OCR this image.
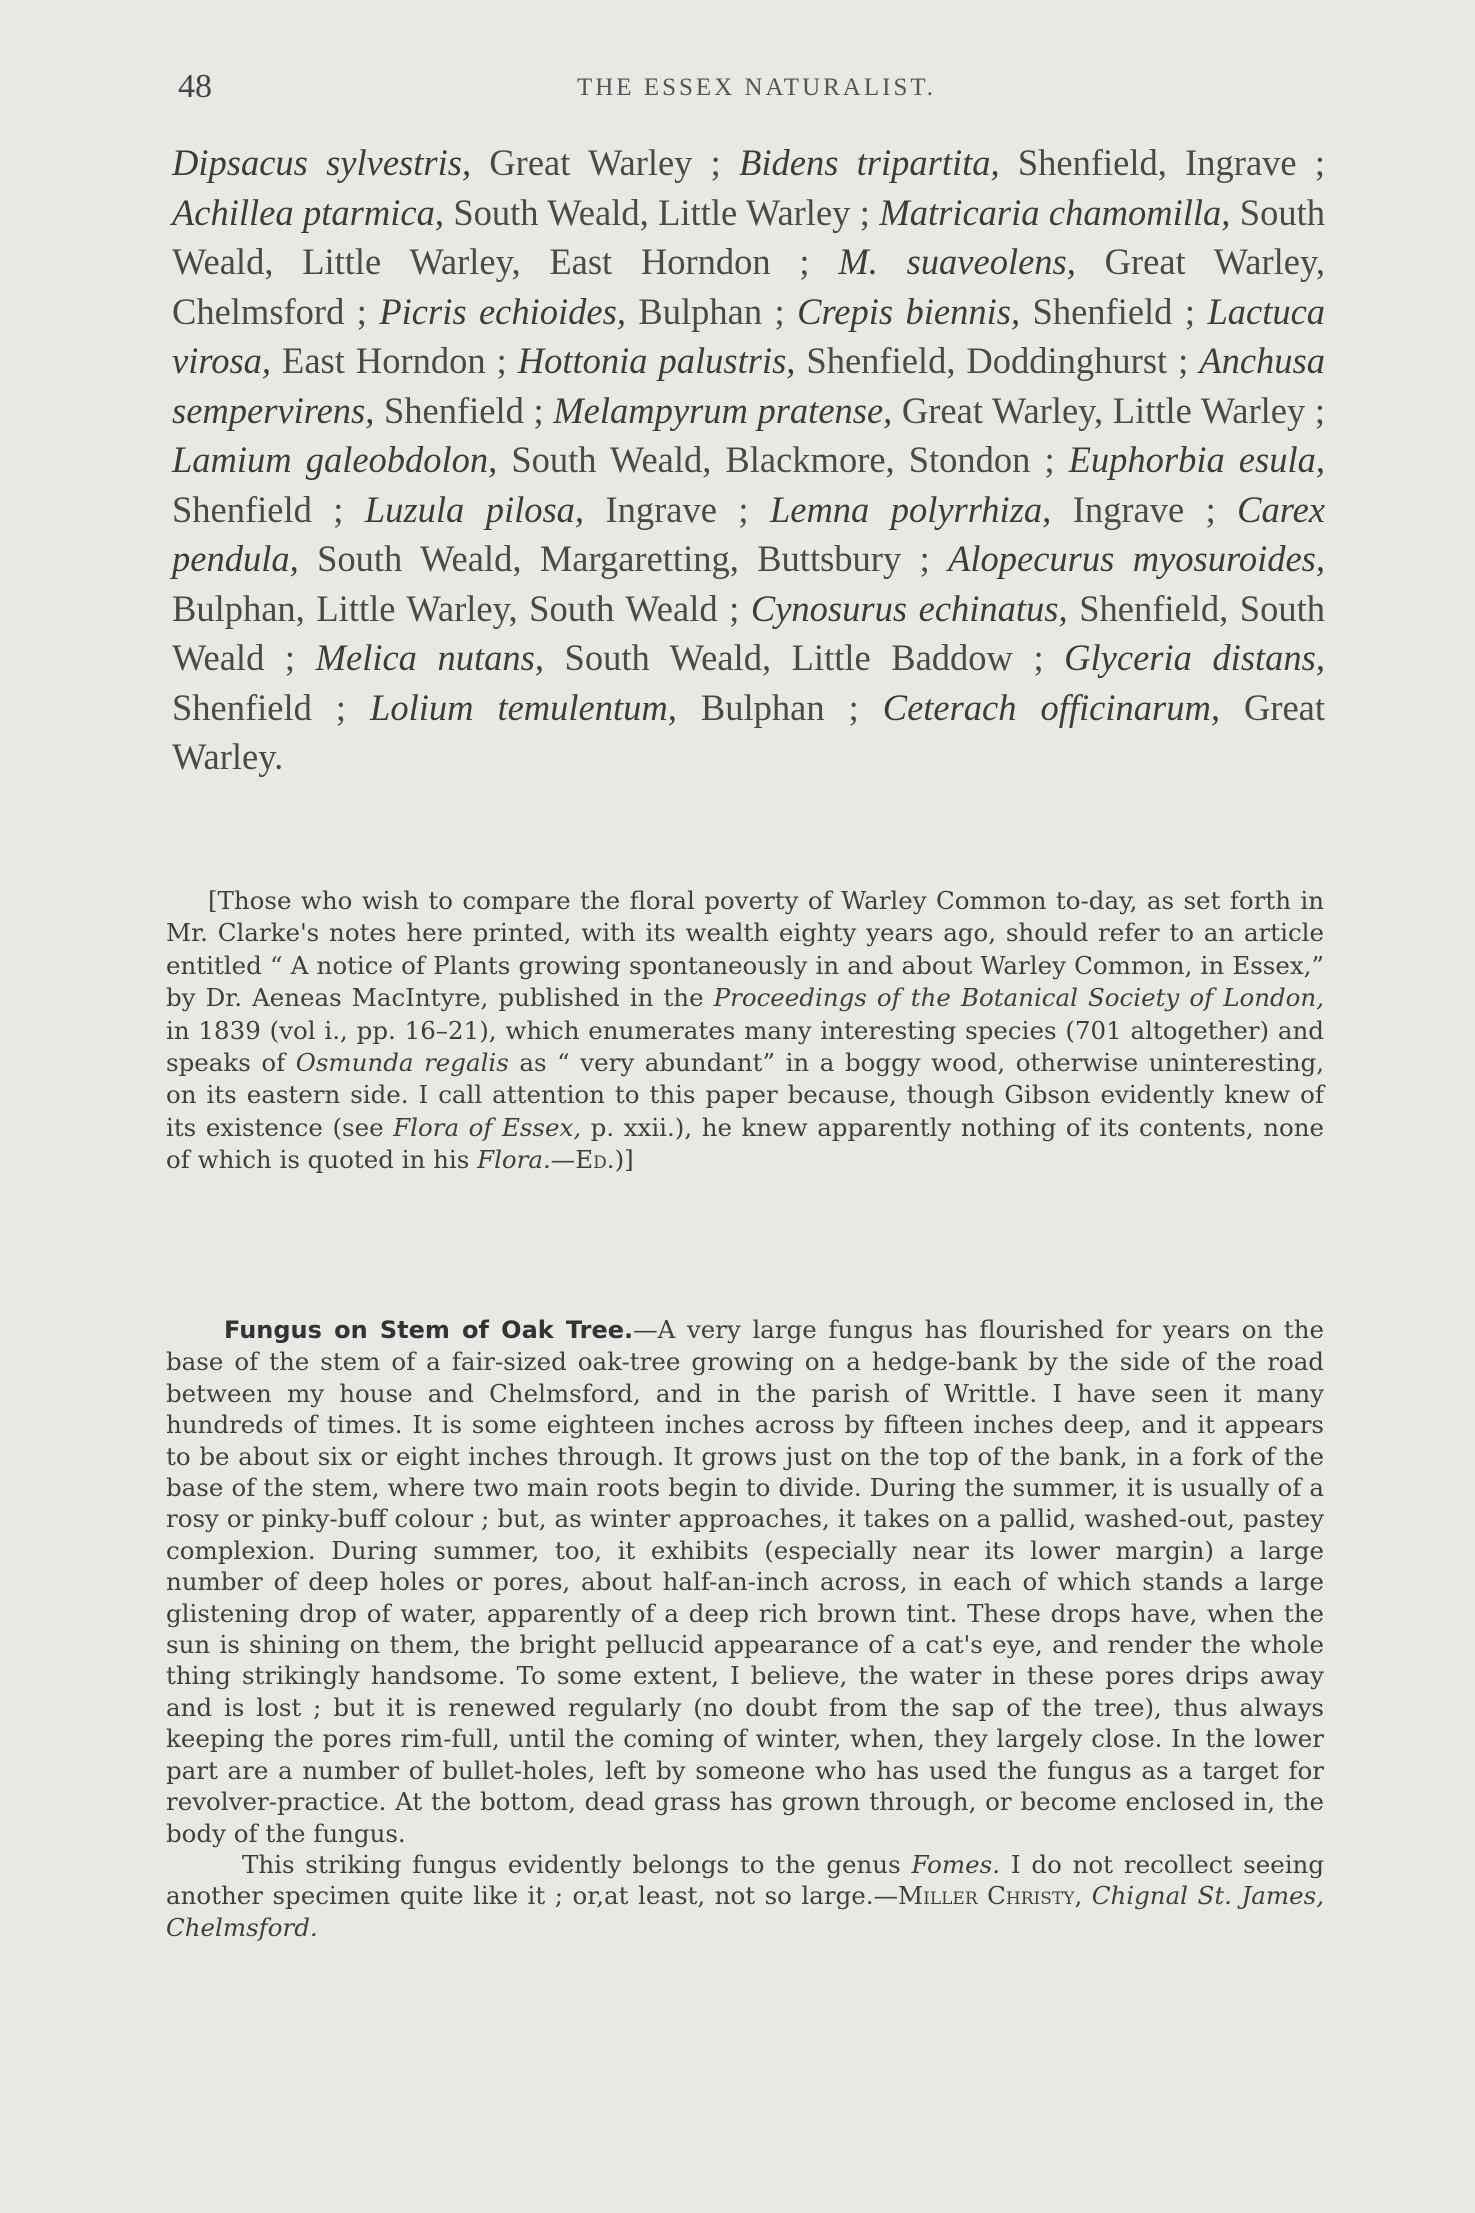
48	THE ESSEX NATURALIST.

Dipsacus sylvestris, Great Warley ; Bidens tripartita, Shenfield, Ingrave ; Achillea ptarmica, South Weald, Little Warley ; Matricaria chamomilla, South Weald, Little Warley, East Horndon ; M. suaveolens, Great Warley, Chelmsford ; Picris echioides, Bulphan ; Crepis biennis, Shenfield ; Lactuca virosa, East Horndon ; Hottonia palustris, Shenfield, Doddinghurst ; Anchusa sempervirens, Shenfield ; Melampyrum pratense, Great Warley, Little Warley ; Lamium galeobdolon, South Weald, Blackmore, Stondon ; Euphorbia esula, Shenfield ; Luzula pilosa, Ingrave ; Lemna polyrrhiza, Ingrave ; Carex pendula, South Weald, Margaretting, Buttsbury ; Alopecurus myosuroides, Bulphan, Little Warley, South Weald ; Cynosurus echinatus, Shenfield, South Weald ; Melica nutans, South Weald, Little Baddow ; Glyceria distans, Shenfield ; Lolium temulentum, Bulphan ; Ceterach officinarum, Great Warley.

[Those who wish to compare the floral poverty of Warley Common to-day, as set forth in Mr. Clarke's notes here printed, with its wealth eighty years ago, should refer to an article entitled “ A notice of Plants growing spontaneously in and about Warley Common, in Essex,” by Dr. Aeneas MacIntyre, published in the Proceedings of the Botanical Society of London, in 1839 (vol i., pp. 16–21), which enumerates many interesting species (701 altogether) and speaks of Osmunda regalis as “ very abundant” in a boggy wood, otherwise uninteresting, on its eastern side. I call attention to this paper because, though Gibson evidently knew of its existence (see Flora of Essex, p. xxii.), he knew apparently nothing of its contents, none of which is quoted in his Flora.—Ed.)]

Fungus on Stem of Oak Tree.—A very large fungus has flourished for years on the base of the stem of a fair-sized oak-tree growing on a hedge-bank by the side of the road between my house and Chelmsford, and in the parish of Writtle. I have seen it many hundreds of times. It is some eighteen inches across by fifteen inches deep, and it appears to be about six or eight inches through. It grows just on the top of the bank, in a fork of the base of the stem, where two main roots begin to divide. During the summer, it is usually of a rosy or pinky-buff colour ; but, as winter approaches, it takes on a pallid, washed-out, pastey complexion. During summer, too, it exhibits (especially near its lower margin) a large number of deep holes or pores, about half-an-inch across, in each of which stands a large glistening drop of water, apparently of a deep rich brown tint. These drops have, when the sun is shining on them, the bright pellucid appearance of a cat's eye, and render the whole thing strikingly handsome. To some extent, I believe, the water in these pores drips away and is lost ; but it is renewed regularly (no doubt from the sap of the tree), thus always keeping the pores rim-full, until the coming of winter, when, they largely close. In the lower part are a number of bullet-holes, left by someone who has used the fungus as a target for revolver-practice. At the bottom, dead grass has grown through, or become enclosed in, the body of the fungus.

This striking fungus evidently belongs to the genus Fomes. I do not recollect seeing another specimen quite like it ; or,at least, not so large.—Miller Christy, Chignal St. James, Chelmsford.
